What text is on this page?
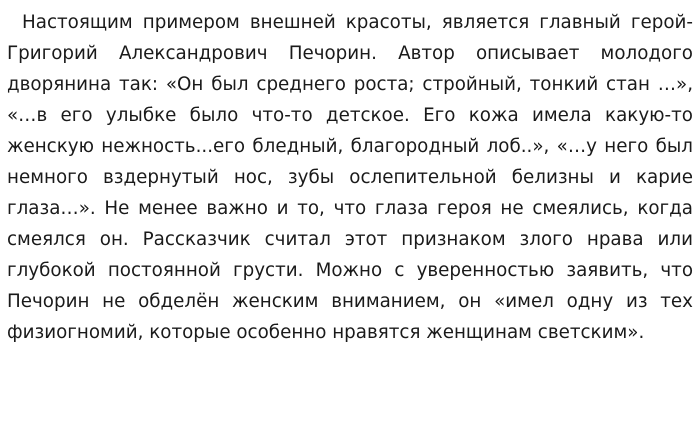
Настоящим примером внешней красоты, является главный герой-
Григорий Александрович Печорин. Автор описывает молодого
дворянина так: «Он был среднего роста; стройный, тонкий стан …»,
«…в его улыбке было что-то детское. Его кожа имела какую-то
женскую нежность...его бледный, благородный лоб..», «…у него был
немного вздернутый нос, зубы ослепительной белизны и карие
глаза…». Не менее важно и то, что глаза героя не смеялись, когда
смеялся он. Рассказчик считал этот признаком злого нрава или
глубокой постоянной грусти. Можно с уверенностью заявить, что
Печорин не обделён женским вниманием, он «имел одну из тех
физиогномий, которые особенно нравятся женщинам светским».
